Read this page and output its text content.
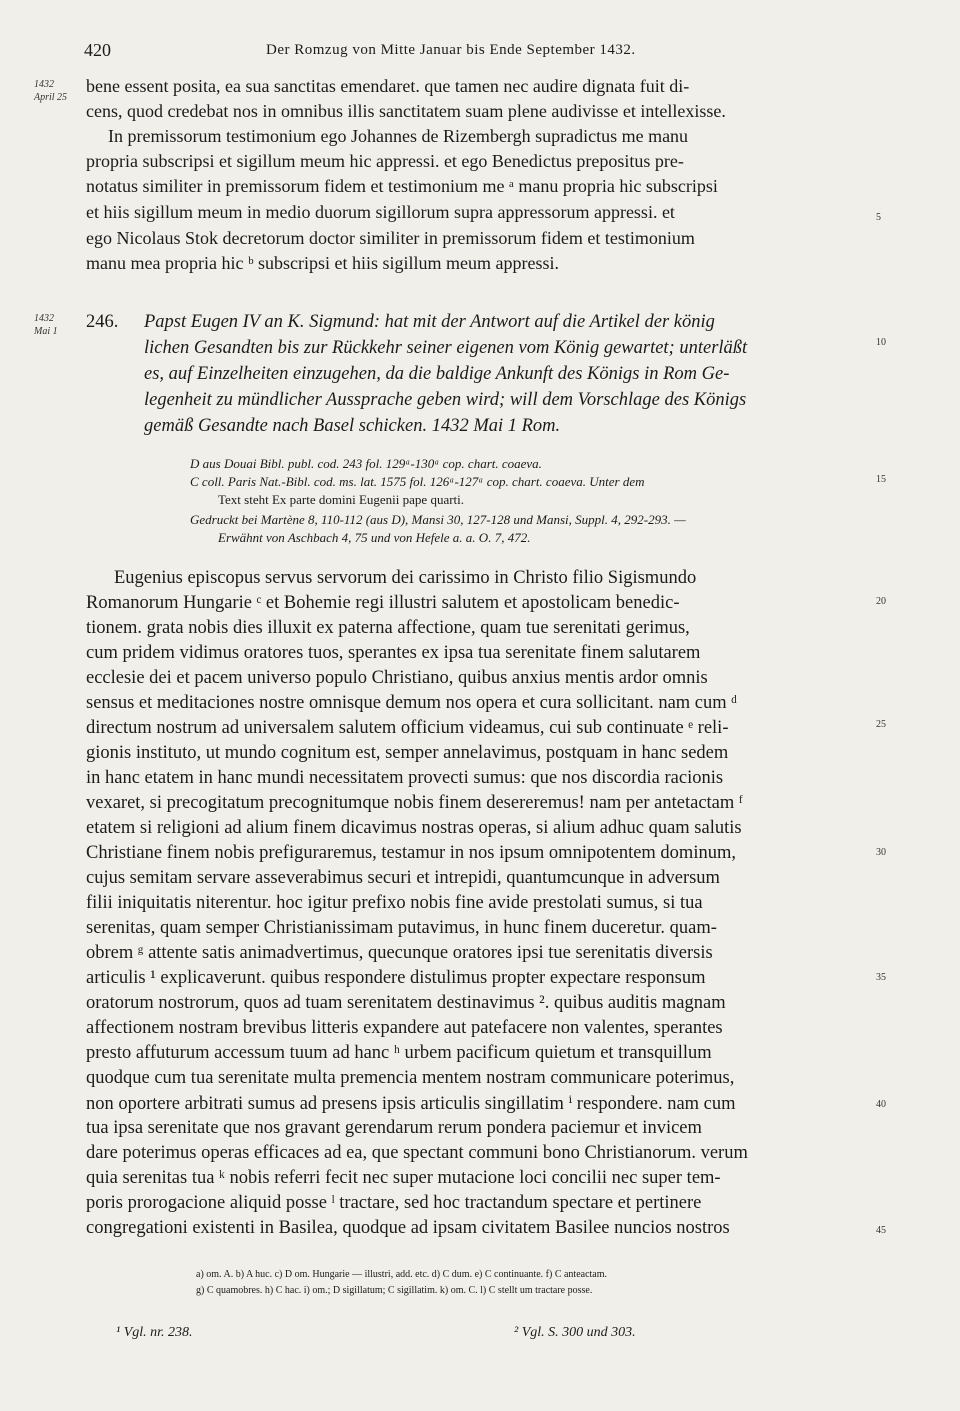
420	Der Romzug von Mitte Januar bis Ende September 1432.
1432
April 25
1432
Mai 1
5
10
15
20
25
30
35
40
45
bene essent posita, ea sua sanctitas emendaret. que tamen nec audire dignata fuit di-
cens, quod credebat nos in omnibus illis sanctitatem suam plene audivisse et intellexisse.
In premissorum testimonium ego Johannes de Rizembergh supradictus me manu
propria subscripsi et sigillum meum hic appressi. et ego Benedictus prepositus pre-
notatus similiter in premissorum fidem et testimonium me ᵃ manu propria hic subscripsi
et hiis sigillum meum in medio duorum sigillorum supra appressorum appressi. et
ego Nicolaus Stok decretorum doctor similiter in premissorum fidem et testimonium
manu mea propria hic ᵇ subscripsi et hiis sigillum meum appressi.
246. Papst Eugen IV an K. Sigmund: hat mit der Antwort auf die Artikel der könig
lichen Gesandten bis zur Rückkehr seiner eigenen vom König gewartet; unterläßt
es, auf Einzelheiten einzugehen, da die baldige Ankunft des Königs in Rom Ge-
legenheit zu mündlicher Aussprache geben wird; will dem Vorschlage des Königs
gemäß Gesandte nach Basel schicken. 1432 Mai 1 Rom.
D aus Douai Bibl. publ. cod. 243 fol. 129ᵃ-130ᵃ cop. chart. coaeva.
C coll. Paris Nat.-Bibl. cod. ms. lat. 1575 fol. 126ᵃ-127ᵃ cop. chart. coaeva. Unter dem
Text steht Ex parte domini Eugenii pape quarti.
Gedruckt bei Martène 8, 110-112 (aus D), Mansi 30, 127-128 und Mansi, Suppl. 4, 292-293. —
Erwähnt von Aschbach 4, 75 und von Hefele a. a. O. 7, 472.
Eugenius episcopus servus servorum dei carissimo in Christo filio Sigismundo
Romanorum Hungarie ᶜ et Bohemie regi illustri salutem et apostolicam benedic-
tionem. grata nobis dies illuxit ex paterna affectione, quam tue serenitati gerimus,
cum pridem vidimus oratores tuos, sperantes ex ipsa tua serenitate finem salutarem
ecclesie dei et pacem universo populo Christiano, quibus anxius mentis ardor omnis
sensus et meditaciones nostre omnisque demum nos opera et cura sollicitant. nam cum ᵈ
directum nostrum ad universalem salutem officium videamus, cui sub continuate ᵉ reli-
gionis instituto, ut mundo cognitum est, semper annelavimus, postquam in hanc sedem
in hanc etatem in hanc mundi necessitatem provecti sumus: que nos discordia racionis
vexaret, si precogitatum precognitumque nobis finem desereremus! nam per antetactam ᶠ
etatem si religioni ad alium finem dicavimus nostras operas, si alium adhuc quam salutis
Christiane finem nobis prefiguraremus, testamur in nos ipsum omnipotentem dominum,
cujus semitam servare asseverabimus securi et intrepidi, quantumcunque in adversum
filii iniquitatis niterentur. hoc igitur prefixo nobis fine avide prestolati sumus, si tua
serenitas, quam semper Christianissimam putavimus, in hunc finem duceretur. quam-
obrem ᵍ attente satis animadvertimus, quecunque oratores ipsi tue serenitatis diversis
articulis ¹ explicaverunt. quibus respondere distulimus propter expectare responsum
oratorum nostrorum, quos ad tuam serenitatem destinavimus ². quibus auditis magnam
affectionem nostram brevibus litteris expandere aut patefacere non valentes, sperantes
presto affuturum accessum tuum ad hanc ʰ urbem pacificum quietum et transquillum
quodque cum tua serenitate multa premencia mentem nostram communicare poterimus,
non oportere arbitrati sumus ad presens ipsis articulis singillatim ⁱ respondere. nam cum
tua ipsa serenitate que nos gravant gerendarum rerum pondera paciemur et invicem
dare poterimus operas efficaces ad ea, que spectant communi bono Christianorum. verum
quia serenitas tua ᵏ nobis referri fecit nec super mutacione loci concilii nec super tem-
poris prorogacione aliquid posse ˡ tractare, sed hoc tractandum spectare et pertinere
congregationi existenti in Basilea, quodque ad ipsam civitatem Basilee nuncios nostros
a) om. A. b) A huc. c) D om. Hungarie — illustri, add. etc. d) C dum. e) C continuante. f) C anteactam.
g) C quamobres. h) C hac. i) om.; D sigillatum; C sigillatim. k) om. C. l) C stellt um tractare posse.
¹ Vgl. nr. 238.	² Vgl. S. 300 und 303.
